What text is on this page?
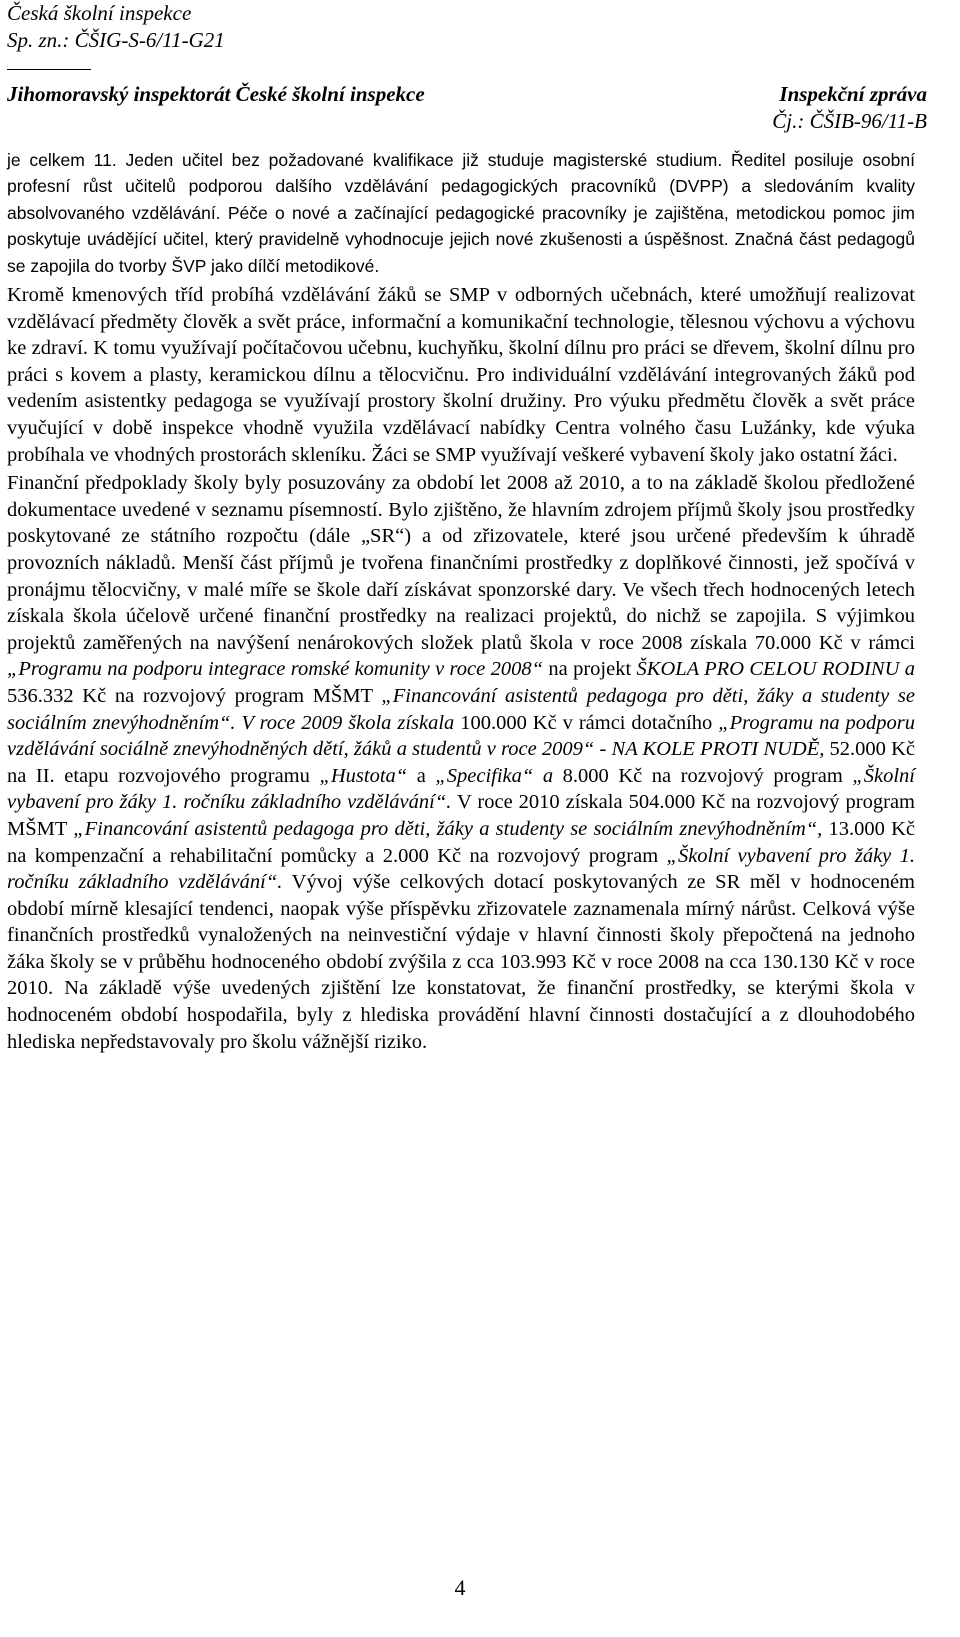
Česká školní inspekce
Sp. zn.: ČŠIG-S-6/11-G21
Jihomoravský inspektorát České školní inspekce	Inspekční zpráva
Čj.: ČŠIB-96/11-B

je celkem 11. Jeden učitel bez požadované kvalifikace již studuje magisterské studium. Ředitel posiluje osobní profesní růst učitelů podporou dalšího vzdělávání pedagogických pracovníků (DVPP) a sledováním kvality absolvovaného vzdělávání. Péče o nové a začínající pedagogické pracovníky je zajištěna, metodickou pomoc jim poskytuje uvádějící učitel, který pravidelně vyhodnocuje jejich nové zkušenosti a úspěšnost. Značná část pedagogů se zapojila do tvorby ŠVP jako dílčí metodikové.

Kromě kmenových tříd probíhá vzdělávání žáků se SMP v odborných učebnách, které umožňují realizovat vzdělávací předměty člověk a svět práce, informační a komunikační technologie, tělesnou výchovu a výchovu ke zdraví. K tomu využívají počítačovou učebnu, kuchyňku, školní dílnu pro práci se dřevem, školní dílnu pro práci s kovem a plasty, keramickou dílnu a tělocvičnu. Pro individuální vzdělávání integrovaných žáků pod vedením asistentky pedagoga se využívají prostory školní družiny. Pro výuku předmětu člověk a svět práce vyučující v době inspekce vhodně využila vzdělávací nabídky Centra volného času Lužánky, kde výuka probíhala ve vhodných prostorách skleníku. Žáci se SMP využívají veškeré vybavení školy jako ostatní žáci.

Finanční předpoklady školy byly posuzovány za období let 2008 až 2010, a to na základě školou předložené dokumentace uvedené v seznamu písemností. Bylo zjištěno, že hlavním zdrojem příjmů školy jsou prostředky poskytované ze státního rozpočtu (dále „SR“) a od zřizovatele, které jsou určené především k úhradě provozních nákladů. Menší část příjmů je tvořena finančními prostředky z doplňkové činnosti, jež spočívá v pronájmu tělocvičny, v malé míře se škole daří získávat sponzorské dary. Ve všech třech hodnocených letech získala škola účelově určené finanční prostředky na realizaci projektů, do nichž se zapojila. S výjimkou projektů zaměřených na navýšení nenárokových složek platů škola v roce 2008 získala 70.000 Kč v rámci „Programu na podporu integrace romské komunity v roce 2008“ na projekt ŠKOLA PRO CELOU RODINU a 536.332 Kč na rozvojový program MŠMT „Financování asistentů pedagoga pro děti, žáky a studenty se sociálním znevýhodněním“. V roce 2009 škola získala 100.000 Kč v rámci dotačního „Programu na podporu vzdělávání sociálně znevýhodněných dětí, žáků a studentů v roce 2009“ - NA KOLE PROTI NUDĚ, 52.000 Kč na II. etapu rozvojového programu „Hustota“ a „Specifika“ a 8.000 Kč na rozvojový program „Školní vybavení pro žáky 1. ročníku základního vzdělávání“. V roce 2010 získala 504.000 Kč na rozvojový program MŠMT „Financování asistentů pedagoga pro děti, žáky a studenty se sociálním znevýhodněním“, 13.000 Kč na kompenzační a rehabilitační pomůcky a 2.000 Kč na rozvojový program „Školní vybavení pro žáky 1. ročníku základního vzdělávání“. Vývoj výše celkových dotací poskytovaných ze SR měl v hodnoceném období mírně klesající tendenci, naopak výše příspěvku zřizovatele zaznamenala mírný nárůst. Celková výše finančních prostředků vynaložených na neinvestiční výdaje v hlavní činnosti školy přepočtená na jednoho žáka školy se v průběhu hodnoceného období zvýšila z cca 103.993 Kč v roce 2008 na cca 130.130 Kč v roce 2010. Na základě výše uvedených zjištění lze konstatovat, že finanční prostředky, se kterými škola v hodnoceném období hospodařila, byly z hlediska provádění hlavní činnosti dostačující a z dlouhodobého hlediska nepředstavovaly pro školu vážnější riziko.

4
